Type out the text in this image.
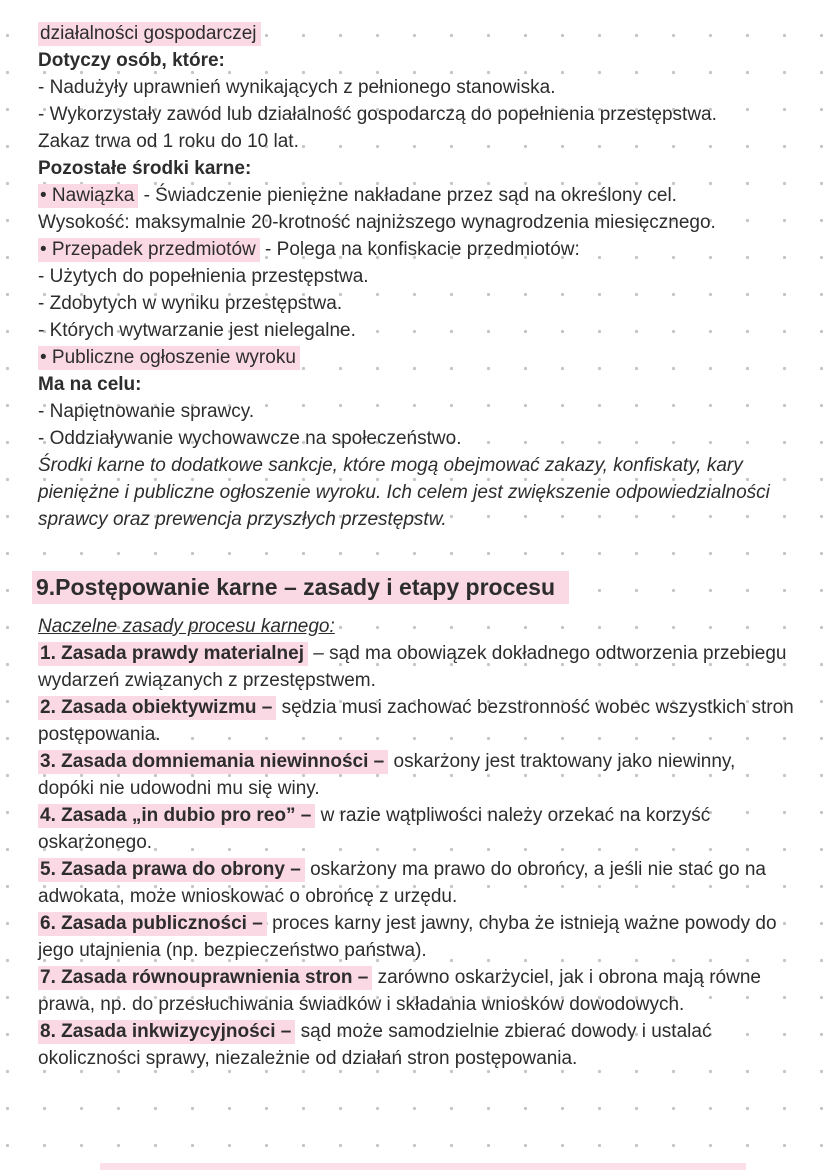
działalności gospodarczej

Dotyczy osób, które:

- Nadużyły uprawnień wynikających z pełnionego stanowiska.

- Wykorzystały zawód lub działalność gospodarczą do popełnienia przestępstwa.

Zakaz trwa od 1 roku do 10 lat.

Pozostałe środki karne:

• Nawiązka - Świadczenie pieniężne nakładane przez sąd na określony cel.

Wysokość: maksymalnie 20-krotność najniższego wynagrodzenia miesięcznego.

• Przepadek przedmiotów - Polega na konfiskacie przedmiotów:

- Użytych do popełnienia przestępstwa.

- Zdobytych w wyniku przestępstwa.

- Których wytwarzanie jest nielegalne.

• Publiczne ogłoszenie wyroku

Ma na celu:

- Napiętnowanie sprawcy.

- Oddziaływanie wychowawcze na społeczeństwo.

Środki karne to dodatkowe sankcje, które mogą obejmować zakazy, konfiskaty, kary pieniężne i publiczne ogłoszenie wyroku. Ich celem jest zwiększenie odpowiedzialności sprawcy oraz prewencja przyszłych przestępstw.

9.Postępowanie karne – zasady i etapy procesu

Naczelne zasady procesu karnego:

1. Zasada prawdy materialnej – sąd ma obowiązek dokładnego odtworzenia przebiegu wydarzeń związanych z przestępstwem.

2. Zasada obiektywizmu – sędzia musi zachować bezstronność wobec wszystkich stron postępowania.

3. Zasada domniemania niewinności – oskarżony jest traktowany jako niewinny, dopóki nie udowodni mu się winy.

4. Zasada „in dubio pro reo” – w razie wątpliwości należy orzekać na korzyść oskarżonego.

5. Zasada prawa do obrony – oskarżony ma prawo do obrońcy, a jeśli nie stać go na adwokata, może wnioskować o obrońcę z urzędu.

6. Zasada publiczności – proces karny jest jawny, chyba że istnieją ważne powody do jego utajnienia (np. bezpieczeństwo państwa).

7. Zasada równouprawnienia stron – zarówno oskarżyciel, jak i obrona mają równe prawa, np. do przesłuchiwania świadków i składania wniosków dowodowych.

8. Zasada inkwizycyjności – sąd może samodzielnie zbierać dowody i ustalać okoliczności sprawy, niezależnie od działań stron postępowania.
